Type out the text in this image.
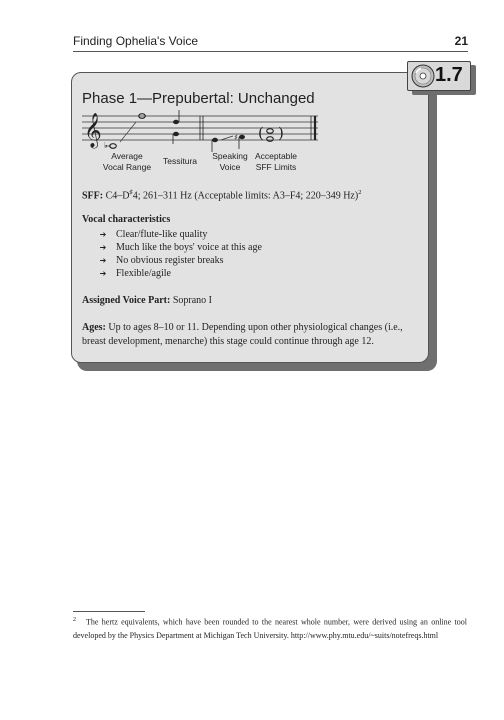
Finding Ophelia's Voice	21
1.7
Phase 1—Prepubertal: Unchanged
𝄞 ♭
♯ ( )
Average
Vocal Range
Tessitura	Speaking
Voice
Acceptable
SFF Limits
SFF: C4–D♯4; 261–311 Hz (Acceptable limits: A3–F4; 220–349 Hz)$^2$
Vocal characteristics
➔ Clear/flute-like quality
➔ Much like the boys' voice at this age
➔ No obvious register breaks
➔ Flexible/agile
Assigned Voice Part: Soprano I
Ages: Up to ages 8–10 or 11. Depending upon other physiological changes (i.e., breast development, menarche) this stage could continue through age 12.
$^2$ The hertz equivalents, which have been rounded to the nearest whole number, were derived using an online tool developed by the Physics Department at Michigan Tech University. http://www.phy.mtu.edu/~suits/notefreqs.html
